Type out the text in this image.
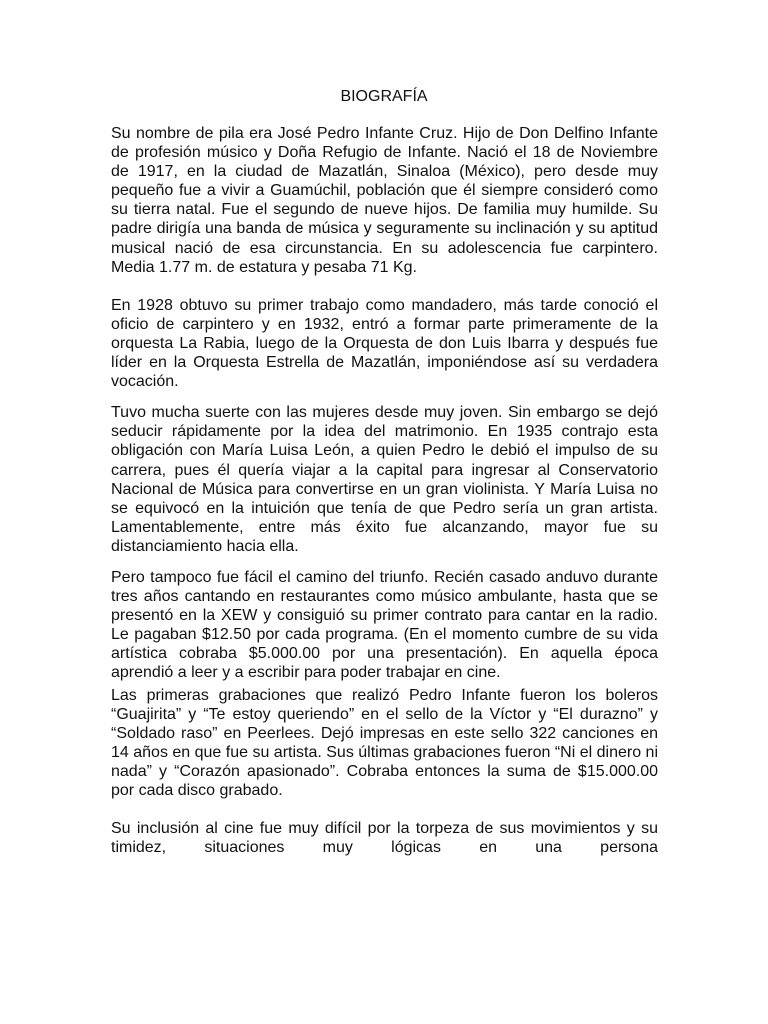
BIOGRAFÍA

Su nombre de pila era José Pedro Infante Cruz. Hijo de Don Delfino Infante de profesión músico y Doña Refugio de Infante. Nació el 18 de Noviembre de 1917, en la ciudad de Mazatlán, Sinaloa (México), pero desde muy pequeño fue a vivir a Guamúchil, población que él siempre consideró como su tierra natal. Fue el segundo de nueve hijos. De familia muy humilde. Su padre dirigía una banda de música y seguramente su inclinación y su aptitud musical nació de esa circunstancia. En su adolescencia fue carpintero. Media 1.77 m. de estatura y pesaba 71 Kg.

En 1928 obtuvo su primer trabajo como mandadero, más tarde conoció el oficio de carpintero y en 1932, entró a formar parte primeramente de la orquesta La Rabia, luego de la Orquesta de don Luis Ibarra y después fue líder en la Orquesta Estrella de Mazatlán, imponiéndose así su verdadera vocación.

Tuvo mucha suerte con las mujeres desde muy joven. Sin embargo se dejó seducir rápidamente por la idea del matrimonio. En 1935 contrajo esta obligación con María Luisa León, a quien Pedro le debió el impulso de su carrera, pues él quería viajar a la capital para ingresar al Conservatorio Nacional de Música para convertirse en un gran violinista. Y María Luisa no se equivocó en la intuición que tenía de que Pedro sería un gran artista. Lamentablemente, entre más éxito fue alcanzando, mayor fue su distanciamiento hacia ella.

Pero tampoco fue fácil el camino del triunfo. Recién casado anduvo durante tres años cantando en restaurantes como músico ambulante, hasta que se presentó en la XEW y consiguió su primer contrato para cantar en la radio. Le pagaban $12.50 por cada programa. (En el momento cumbre de su vida artística cobraba $5.000.00 por una presentación). En aquella época aprendió a leer y a escribir para poder trabajar en cine.

Las primeras grabaciones que realizó Pedro Infante fueron los boleros “Guajirita” y “Te estoy queriendo” en el sello de la Víctor y “El durazno” y “Soldado raso” en Peerlees. Dejó impresas en este sello 322 canciones en 14 años en que fue su artista. Sus últimas grabaciones fueron “Ni el dinero ni nada” y “Corazón apasionado”. Cobraba entonces la suma de $15.000.00 por cada disco grabado.

Su inclusión al cine fue muy difícil por la torpeza de sus movimientos y su timidez, situaciones muy lógicas en una persona
